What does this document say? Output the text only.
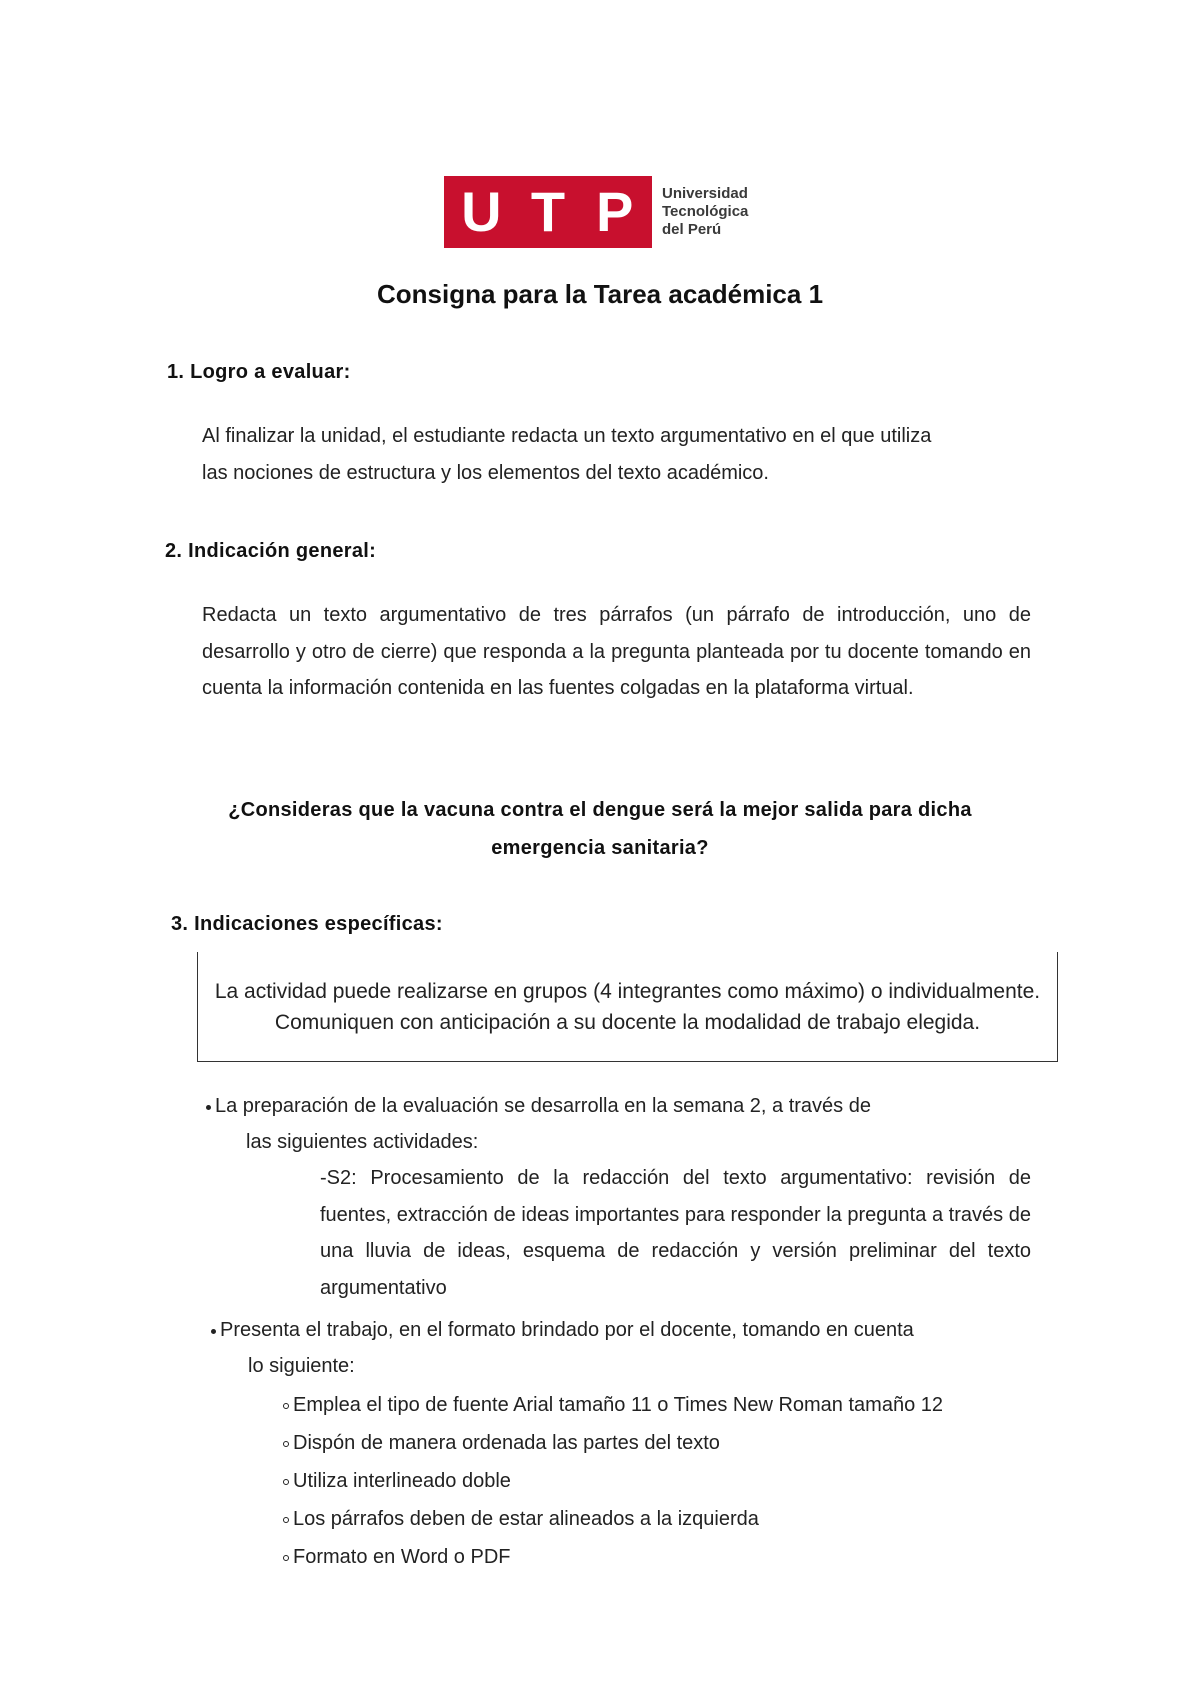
U T P	Universidad
Tecnológica
del Perú
Consigna para la Tarea académica 1
1. Logro a evaluar:
Al finalizar la unidad, el estudiante redacta un texto argumentativo en el que utiliza
las nociones de estructura y los elementos del texto académico.
2. Indicación general:
Redacta un texto argumentativo de tres párrafos (un párrafo de introducción, uno de desarrollo y otro de cierre) que responda a la pregunta planteada por tu docente tomando en cuenta la información contenida en las fuentes colgadas en la plataforma virtual.
¿Consideras que la vacuna contra el dengue será la mejor salida para dicha
emergencia sanitaria?
3. Indicaciones específicas:
La actividad puede realizarse en grupos (4 integrantes como máximo) o individualmente. Comuniquen con anticipación a su docente la modalidad de trabajo elegida.
La preparación de la evaluación se desarrolla en la semana 2, a través de
las siguientes actividades:
-S2: Procesamiento de la redacción del texto argumentativo: revisión de fuentes, extracción de ideas importantes para responder la pregunta a través de una lluvia de ideas, esquema de redacción y versión preliminar del texto argumentativo
Presenta el trabajo, en el formato brindado por el docente, tomando en cuenta
lo siguiente:
Emplea el tipo de fuente Arial tamaño 11 o Times New Roman tamaño 12
Dispón de manera ordenada las partes del texto
Utiliza interlineado doble
Los párrafos deben de estar alineados a la izquierda
Formato en Word o PDF
